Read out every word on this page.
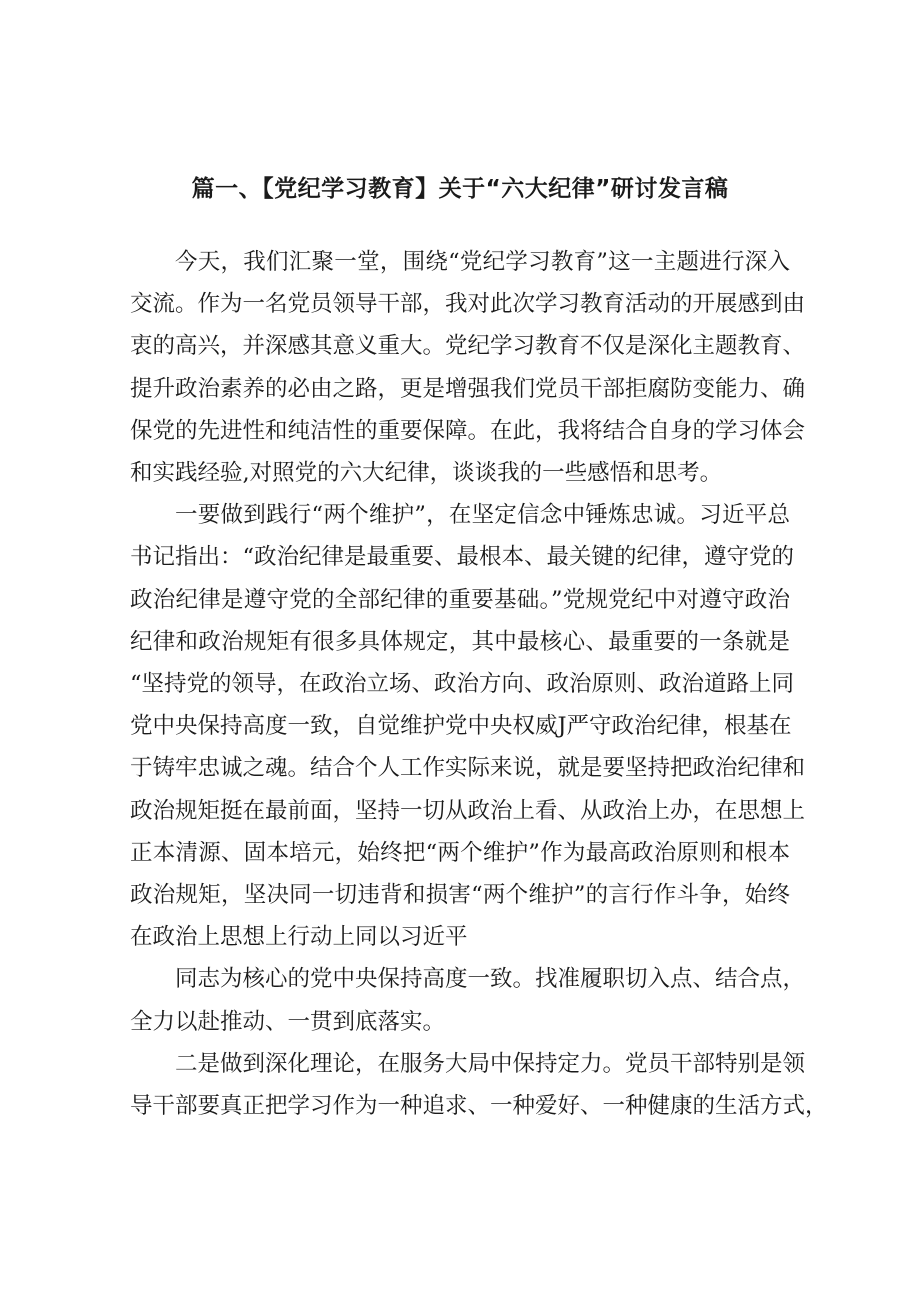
篇一、【党纪学习教育】关于“六大纪律”研讨发言稿

今天，我们汇聚一堂，围绕“党纪学习教育”这一主题进行深入
交流。作为一名党员领导干部，我对此次学习教育活动的开展感到由
衷的高兴，并深感其意义重大。党纪学习教育不仅是深化主题教育、
提升政治素养的必由之路，更是增强我们党员干部拒腐防变能力、确
保党的先进性和纯洁性的重要保障。在此，我将结合自身的学习体会
和实践经验,对照党的六大纪律，谈谈我的一些感悟和思考。

一要做到践行“两个维护”，在坚定信念中锤炼忠诚。习近平总
书记指出：“政治纪律是最重要、最根本、最关键的纪律，遵守党的
政治纪律是遵守党的全部纪律的重要基础。”党规党纪中对遵守政治
纪律和政治规矩有很多具体规定，其中最核心、最重要的一条就是
“坚持党的领导，在政治立场、政治方向、政治原则、政治道路上同
党中央保持高度一致，自觉维护党中央权威J严守政治纪律，根基在
于铸牢忠诚之魂。结合个人工作实际来说，就是要坚持把政治纪律和
政治规矩挺在最前面，坚持一切从政治上看、从政治上办，在思想上
正本清源、固本培元，始终把“两个维护”作为最高政治原则和根本
政治规矩，坚决同一切违背和损害“两个维护”的言行作斗争，始终
在政治上思想上行动上同以习近平

同志为核心的党中央保持高度一致。找准履职切入点、结合点，
全力以赴推动、一贯到底落实。

二是做到深化理论，在服务大局中保持定力。党员干部特别是领
导干部要真正把学习作为一种追求、一种爱好、一种健康的生活方式，
